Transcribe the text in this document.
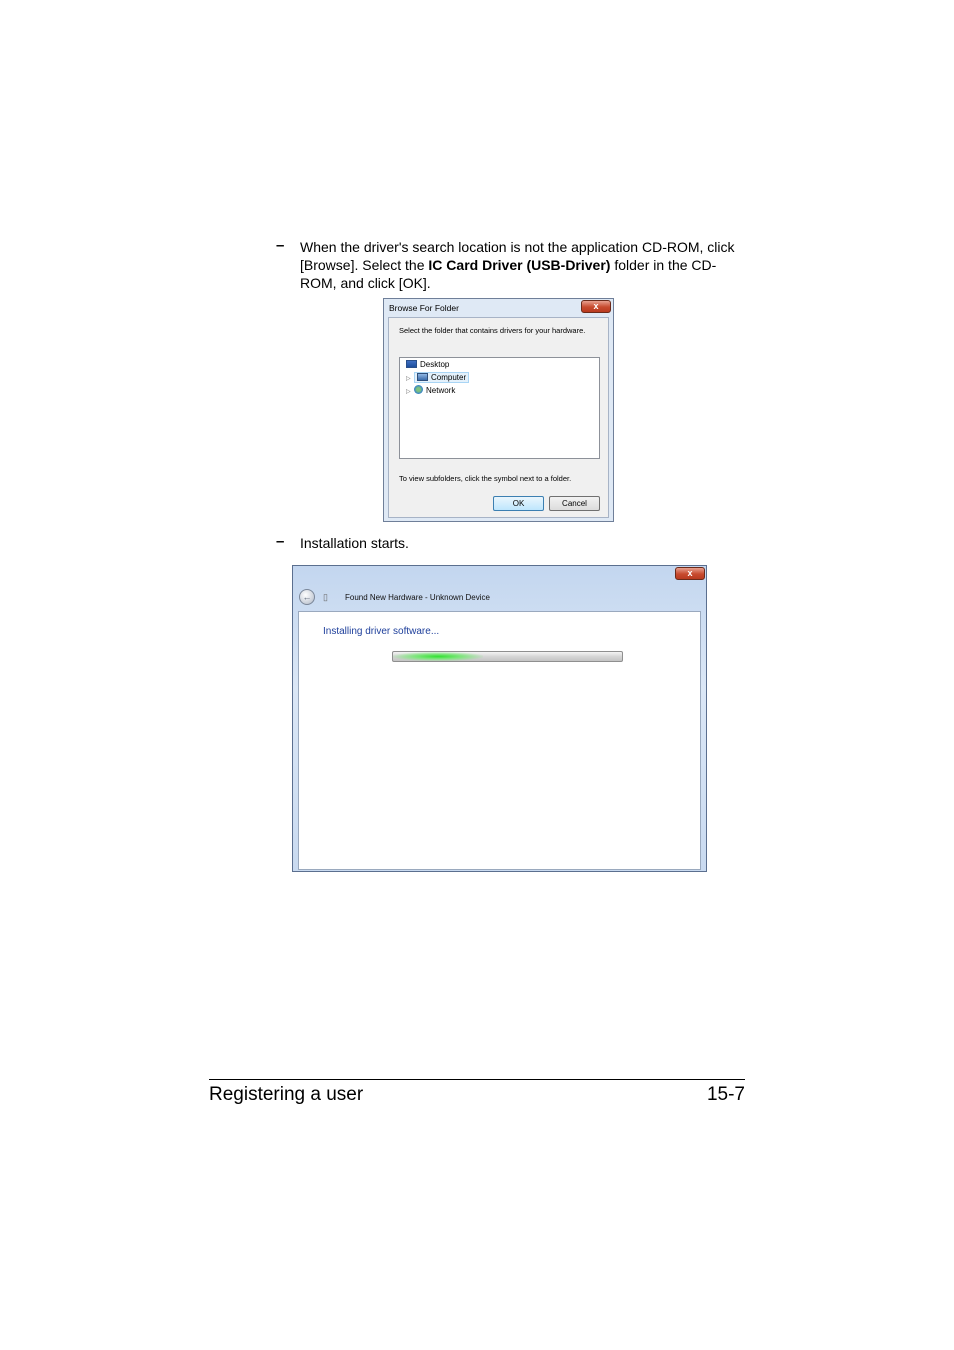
– When the driver's search location is not the application CD-ROM, click [Browse]. Select the IC Card Driver (USB-Driver) folder in the CD-ROM, and click [OK].
Browse For Folder	x
Select the folder that contains drivers for your hardware.
Desktop
▷	Computer
▷ Network
To view subfolders, click the symbol next to a folder.
OK	Cancel
– Installation starts.
x
←	▯ Found New Hardware - Unknown Device
Installing driver software...
Registering a user	15-7
